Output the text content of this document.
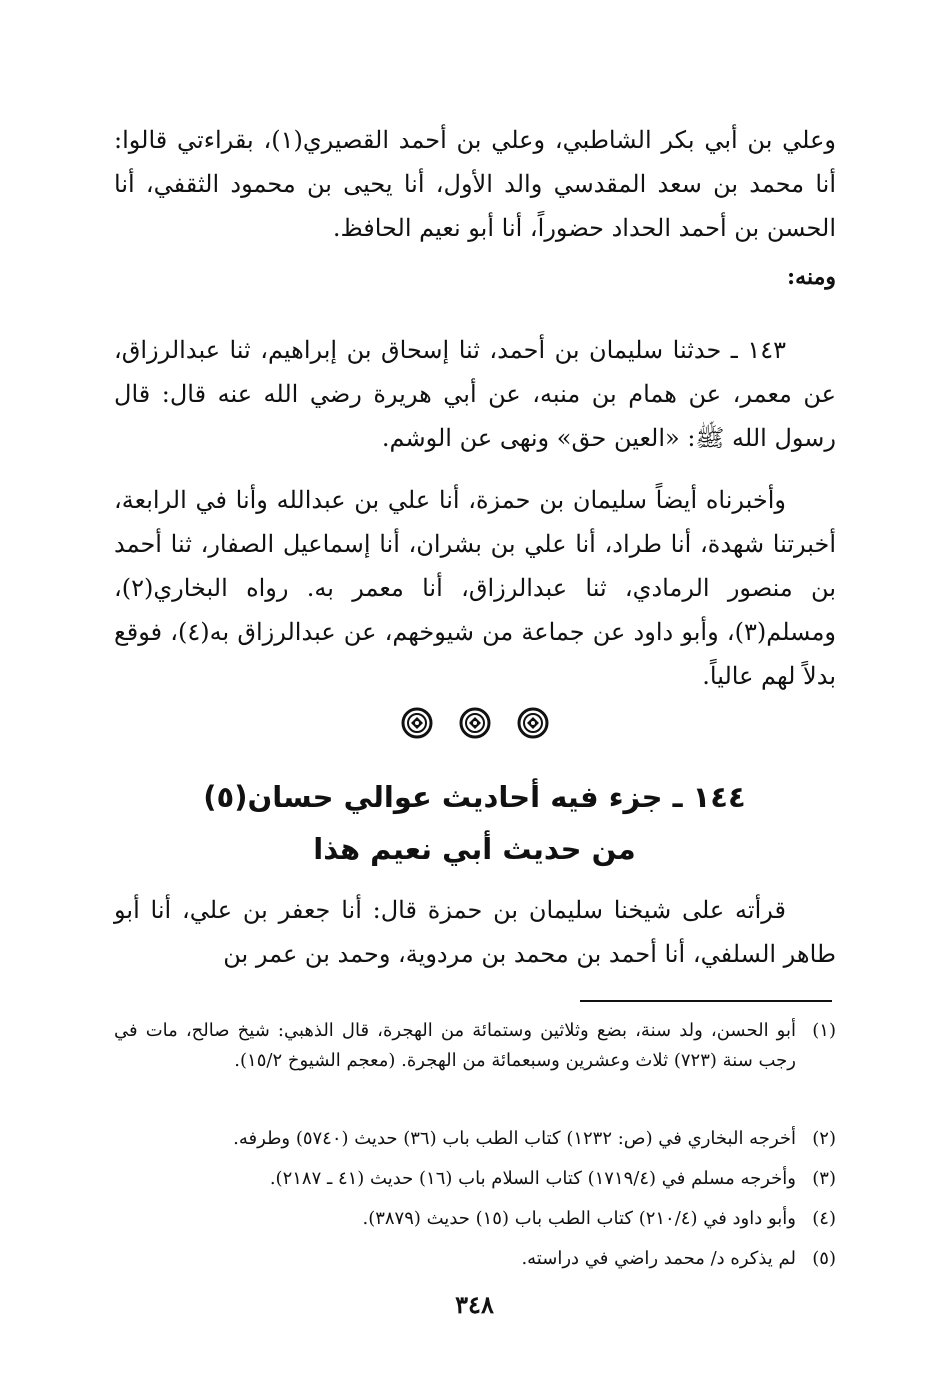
وعلي بن أبي بكر الشاطبي، وعلي بن أحمد القصيري(١)، بقراءتي قالوا: أنا محمد بن سعد المقدسي والد الأول، أنا يحيى بن محمود الثقفي، أنا الحسن بن أحمد الحداد حضوراً، أنا أبو نعيم الحافظ.

ومنه:

١٤٣ ـ حدثنا سليمان بن أحمد، ثنا إسحاق بن إبراهيم، ثنا عبدالرزاق، عن معمر، عن همام بن منبه، عن أبي هريرة رضي الله عنه قال: قال رسول الله ﷺ: «العين حق» ونهى عن الوشم.

وأخبرناه أيضاً سليمان بن حمزة، أنا علي بن عبدالله وأنا في الرابعة، أخبرتنا شهدة، أنا طراد، أنا علي بن بشران، أنا إسماعيل الصفار، ثنا أحمد بن منصور الرمادي، ثنا عبدالرزاق، أنا معمر به. رواه البخاري(٢)، ومسلم(٣)، وأبو داود عن جماعة من شيوخهم، عن عبدالرزاق به(٤)، فوقع بدلاً لهم عالياً.

١٤٤ ـ جزء فيه أحاديث عوالي حسان(٥)

من حديث أبي نعيم هذا

قرأته على شيخنا سليمان بن حمزة قال: أنا جعفر بن علي، أنا أبو طاهر السلفي، أنا أحمد بن محمد بن مردوية، وحمد بن عمر بن

(١)
أبو الحسن، ولد سنة، بضع وثلاثين وستمائة من الهجرة، قال الذهبي: شيخ صالح، مات في رجب سنة (٧٢٣) ثلاث وعشرين وسبعمائة من الهجرة. (معجم الشيوخ ١٥/٢).
(٢)
أخرجه البخاري في (ص: ١٢٣٢) كتاب الطب باب (٣٦) حديث (٥٧٤٠) وطرفه.
(٣)
وأخرجه مسلم في (١٧١٩/٤) كتاب السلام باب (١٦) حديث (٤١ ـ ٢١٨٧).
(٤)
وأبو داود في (٢١٠/٤) كتاب الطب باب (١٥) حديث (٣٨٧٩).
(٥)
لم يذكره د/ محمد راضي في دراسته.

٣٤٨
